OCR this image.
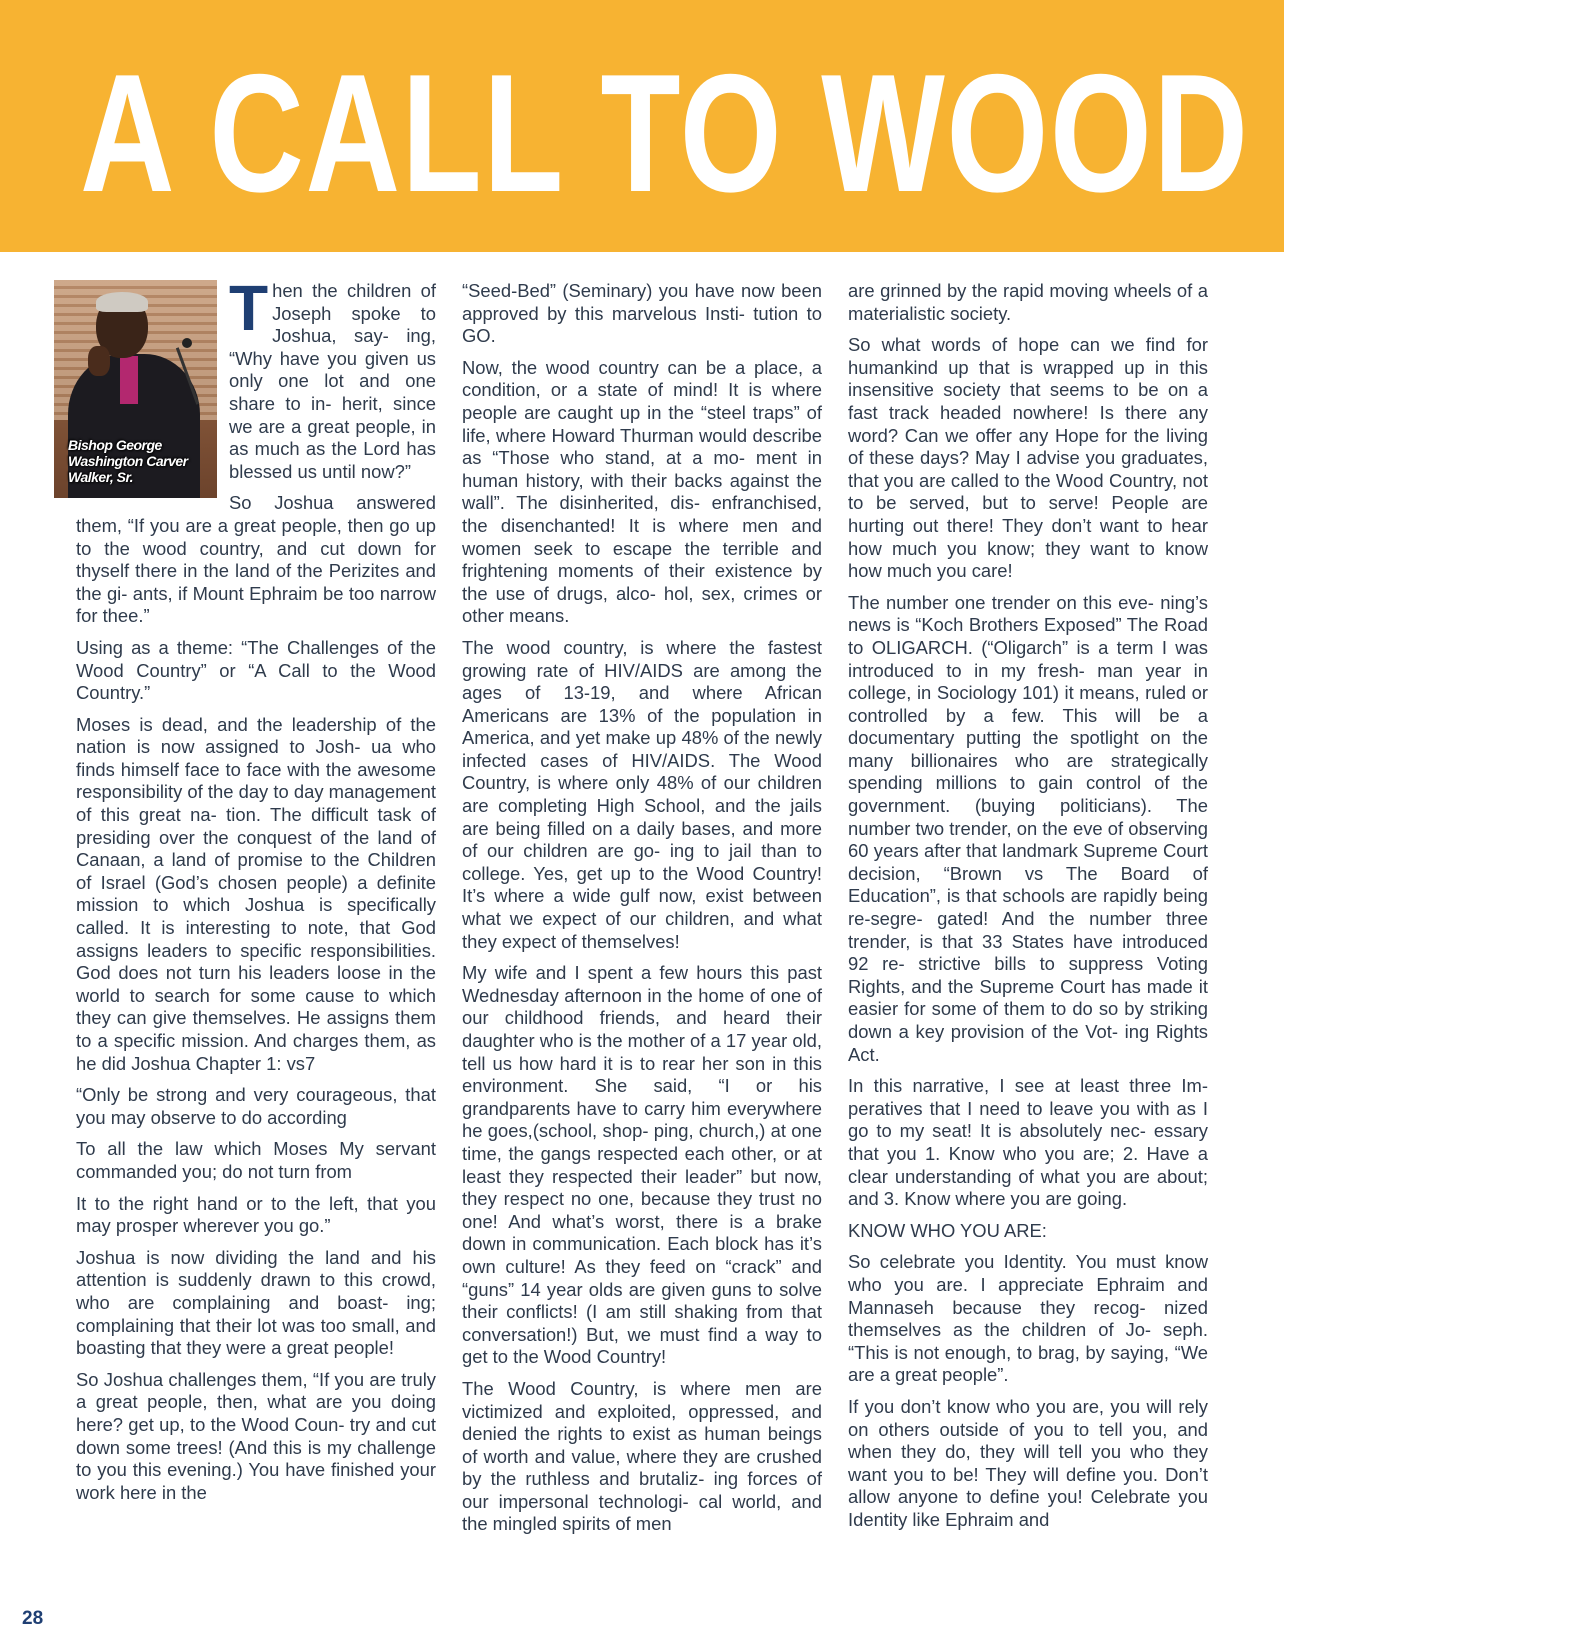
A CALL TO WOOD COU
Bishop George Washington Carver Walker, Sr.
T hen the children of Joseph spoke to Joshua, say- ing, “Why have you given us only one lot and one share to in- herit, since we are a great people, in as much as the Lord has blessed us until now?”

So Joshua answered them, “If you are a great people, then go up to the wood country, and cut down for thyself there in the land of the Perizites and the gi- ants, if Mount Ephraim be too narrow for thee.”

Using as a theme: “The Challenges of the Wood Country” or “A Call to the Wood Country.”

Moses is dead, and the leadership of the nation is now assigned to Josh- ua who finds himself face to face with the awesome responsibility of the day to day management of this great na- tion. The difficult task of presiding over the conquest of the land of Canaan, a land of promise to the Children of Israel (God’s chosen people) a definite mission to which Joshua is specifically called. It is interesting to note, that God assigns leaders to specific responsibilities. God does not turn his leaders loose in the world to search for some cause to which they can give themselves. He assigns them to a specific mission. And charges them, as he did Joshua Chapter 1: vs7

“Only be strong and very courageous, that you may observe to do according

To all the law which Moses My servant commanded you; do not turn from

It to the right hand or to the left, that you may prosper wherever you go.”

Joshua is now dividing the land and his attention is suddenly drawn to this crowd, who are complaining and boast- ing; complaining that their lot was too small, and boasting that they were a great people!

So Joshua challenges them, “If you are truly a great people, then, what are you doing here? get up, to the Wood Coun- try and cut down some trees! (And this is my challenge to you this evening.) You have finished your work here in the

“Seed-Bed” (Seminary) you have now been approved by this marvelous Insti- tution to GO.

Now, the wood country can be a place, a condition, or a state of mind! It is where people are caught up in the “steel traps” of life, where Howard Thurman would describe as “Those who stand, at a mo- ment in human history, with their backs against the wall”. The disinherited, dis- enfranchised, the disenchanted! It is where men and women seek to escape the terrible and frightening moments of their existence by the use of drugs, alco- hol, sex, crimes or other means.

The wood country, is where the fastest growing rate of HIV/AIDS are among the ages of 13-19, and where African Americans are 13% of the population in America, and yet make up 48% of the newly infected cases of HIV/AIDS. The Wood Country, is where only 48% of our children are completing High School, and the jails are being filled on a daily bases, and more of our children are go- ing to jail than to college. Yes, get up to the Wood Country! It’s where a wide gulf now, exist between what we expect of our children, and what they expect of themselves!

My wife and I spent a few hours this past Wednesday afternoon in the home of one of our childhood friends, and heard their daughter who is the mother of a 17 year old, tell us how hard it is to rear her son in this environment. She said, “I or his grandparents have to carry him everywhere he goes,(school, shop- ping, church,) at one time, the gangs respected each other, or at least they respected their leader” but now, they respect no one, because they trust no one! And what’s worst, there is a brake down in communication. Each block has it’s own culture! As they feed on “crack” and “guns” 14 year olds are given guns to solve their conflicts! (I am still shaking from that conversation!) But, we must find a way to get to the Wood Country!

The Wood Country, is where men are victimized and exploited, oppressed, and denied the rights to exist as human beings of worth and value, where they are crushed by the ruthless and brutaliz- ing forces of our impersonal technologi- cal world, and the mingled spirits of men

are grinned by the rapid moving wheels of a materialistic society.

So what words of hope can we find for humankind up that is wrapped up in this insensitive society that seems to be on a fast track headed nowhere! Is there any word? Can we offer any Hope for the living of these days? May I advise you graduates, that you are called to the Wood Country, not to be served, but to serve! People are hurting out there! They don’t want to hear how much you know; they want to know how much you care!

The number one trender on this eve- ning’s news is “Koch Brothers Exposed” The Road to OLIGARCH. (“Oligarch” is a term I was introduced to in my fresh- man year in college, in Sociology 101) it means, ruled or controlled by a few. This will be a documentary putting the spotlight on the many billionaires who are strategically spending millions to gain control of the government. (buying politicians). The number two trender, on the eve of observing 60 years after that landmark Supreme Court decision, “Brown vs The Board of Education”, is that schools are rapidly being re-segre- gated! And the number three trender, is that 33 States have introduced 92 re- strictive bills to suppress Voting Rights, and the Supreme Court has made it easier for some of them to do so by striking down a key provision of the Vot- ing Rights Act.

In this narrative, I see at least three Im- peratives that I need to leave you with as I go to my seat! It is absolutely nec- essary that you 1. Know who you are; 2. Have a clear understanding of what you are about; and 3. Know where you are going.

KNOW WHO YOU ARE:

So celebrate you Identity. You must know who you are. I appreciate Ephraim and Mannaseh because they recog- nized themselves as the children of Jo- seph. “This is not enough, to brag, by saying, “We are a great people”.

If you don’t know who you are, you will rely on others outside of you to tell you, and when they do, they will tell you who they want you to be! They will define you. Don’t allow anyone to define you! Celebrate you Identity like Ephraim and

28
